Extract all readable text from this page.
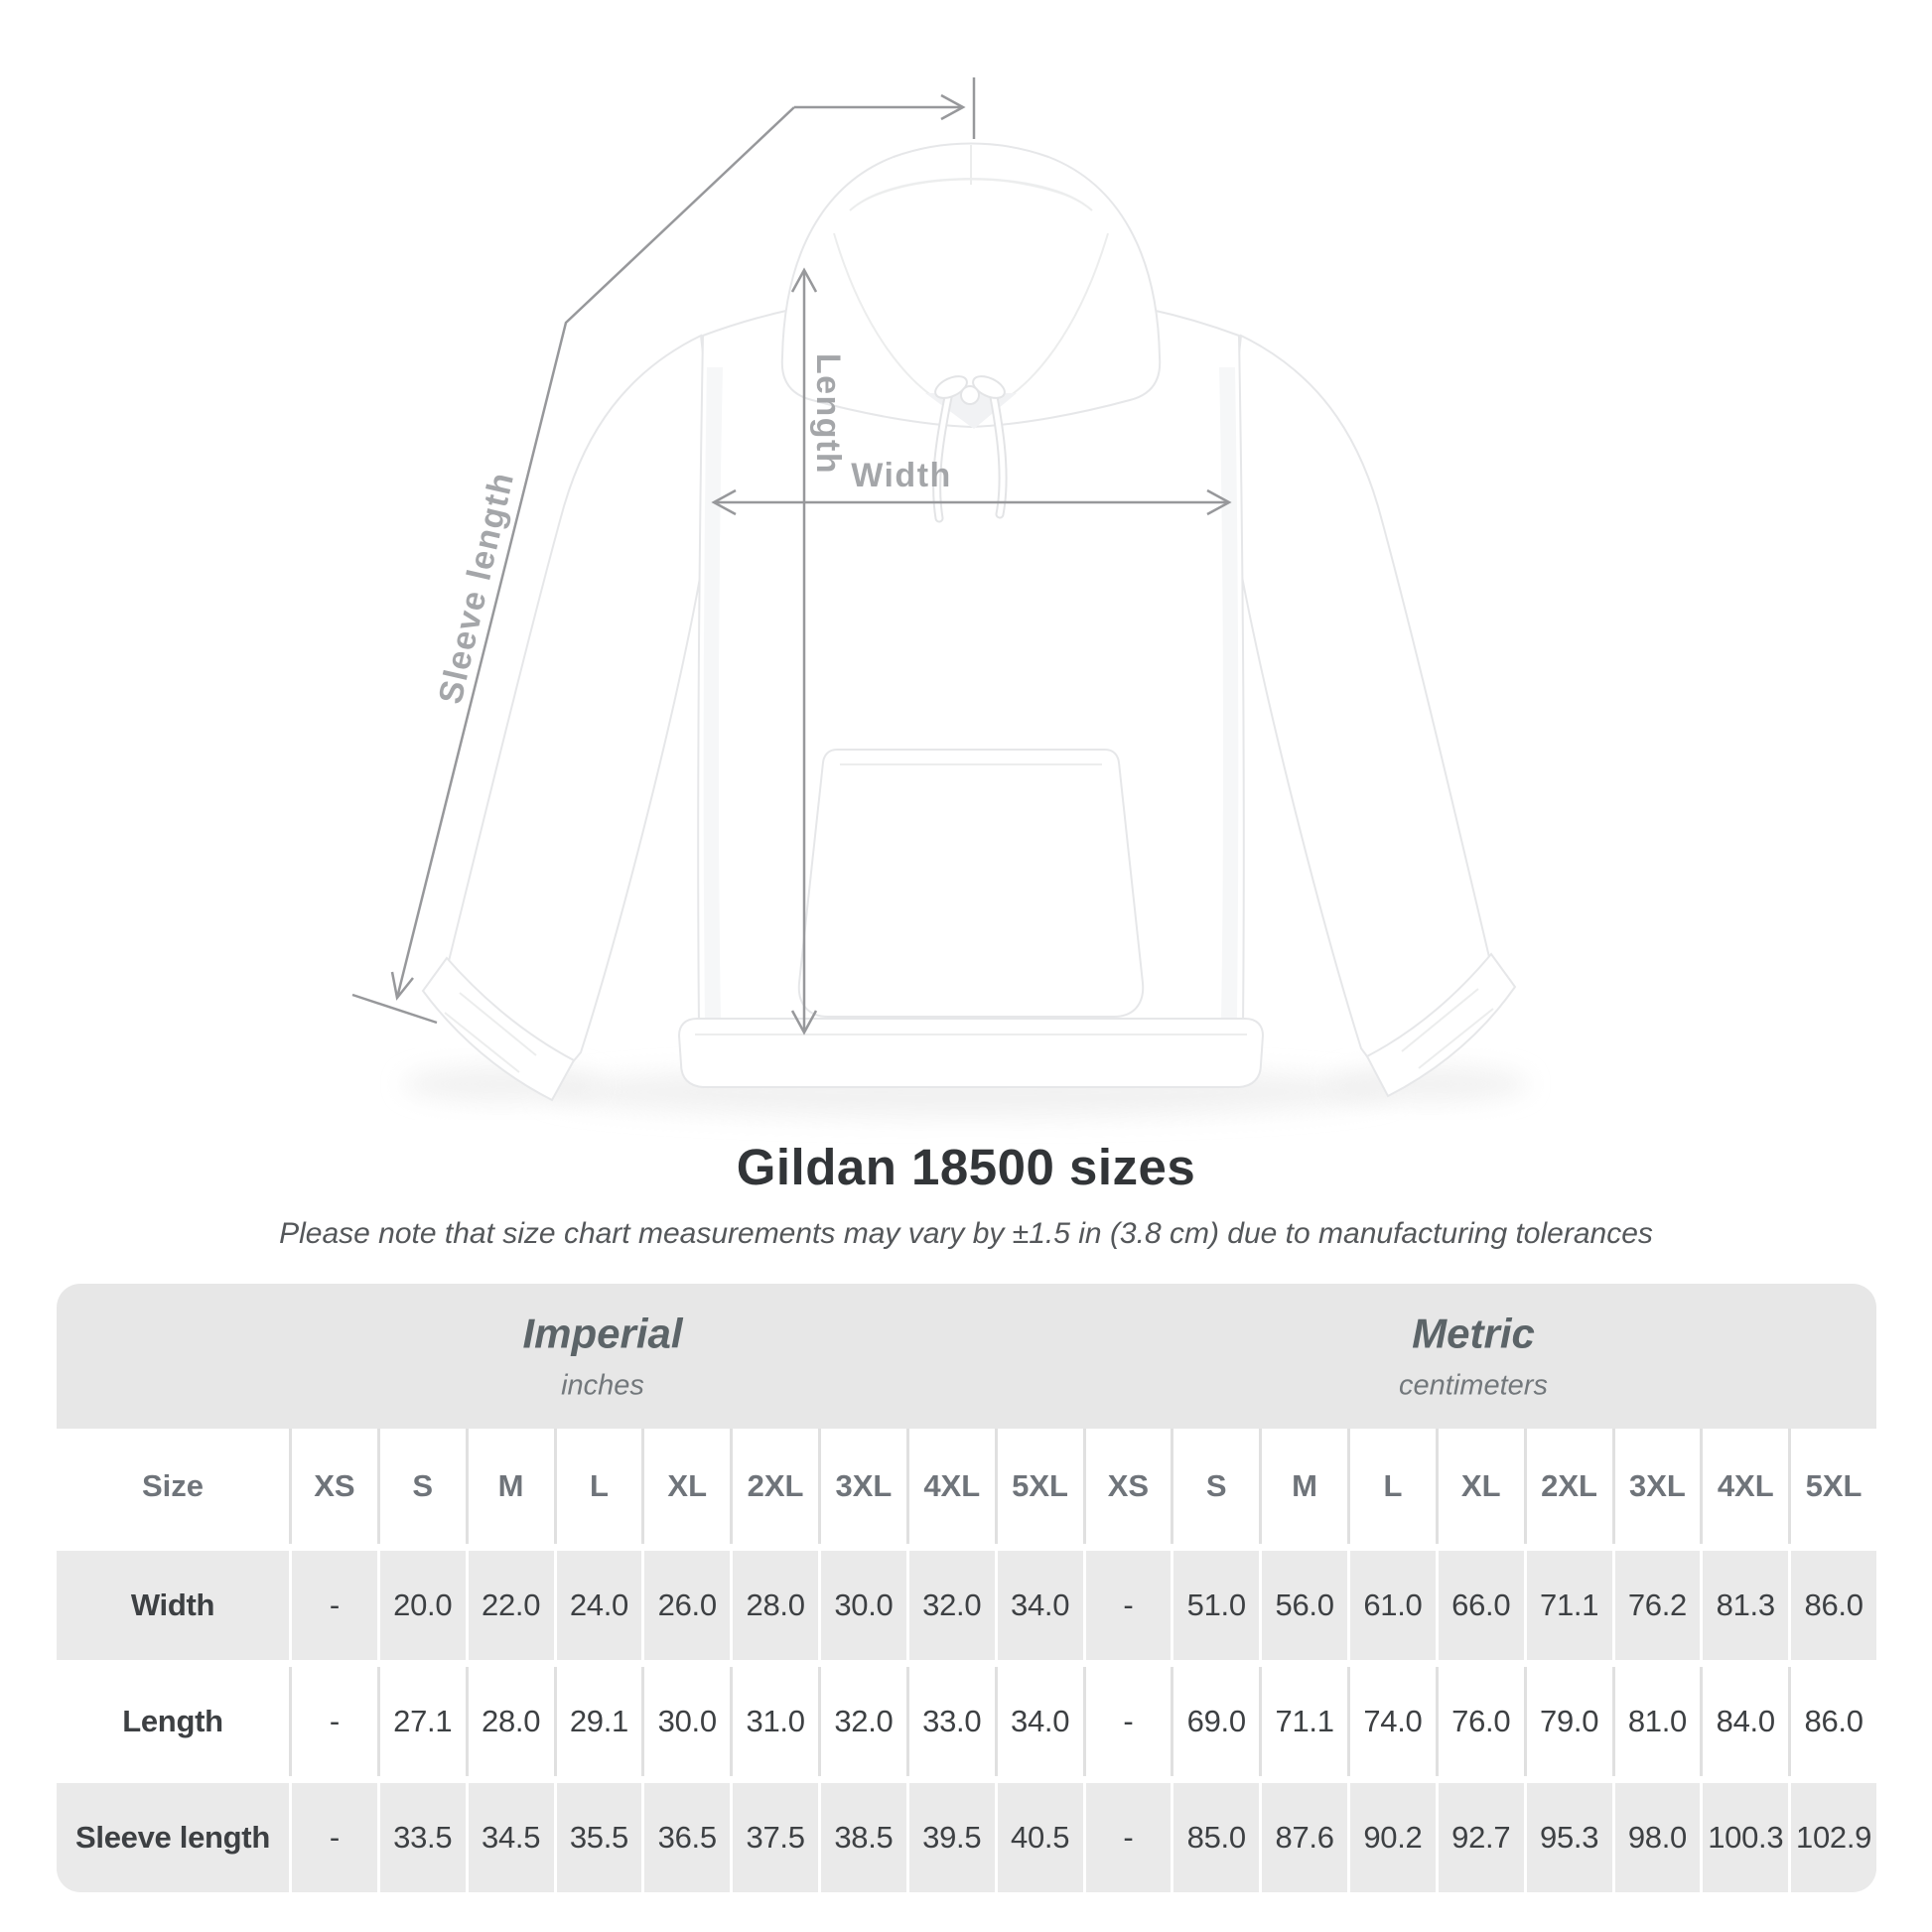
Length
Width
Sleeve length
Gildan 18500 sizes

Please note that size chart measurements may vary by ±1.5 in (3.8 cm) due to manufacturing tolerances

Imperial
inches
Metric
centimeters
Size	XS	S	M	L	XL	2XL	3XL	4XL	5XL	XS	S	M	L	XL	2XL	3XL	4XL	5XL
Width	-	20.0 22.0 24.0 26.0 28.0 30.0 32.0 34.0	-	51.0 56.0 61.0 66.0 71.1 76.2 81.3 86.0
Length	-	27.1 28.0 29.1 30.0 31.0 32.0 33.0 34.0	-	69.0 71.1 74.0 76.0 79.0 81.0 84.0 86.0
Sleeve length	-	33.5 34.5 35.5 36.5 37.5 38.5 39.5 40.5	-	85.0 87.6 90.2 92.7 95.3 98.0 100.3 102.9
